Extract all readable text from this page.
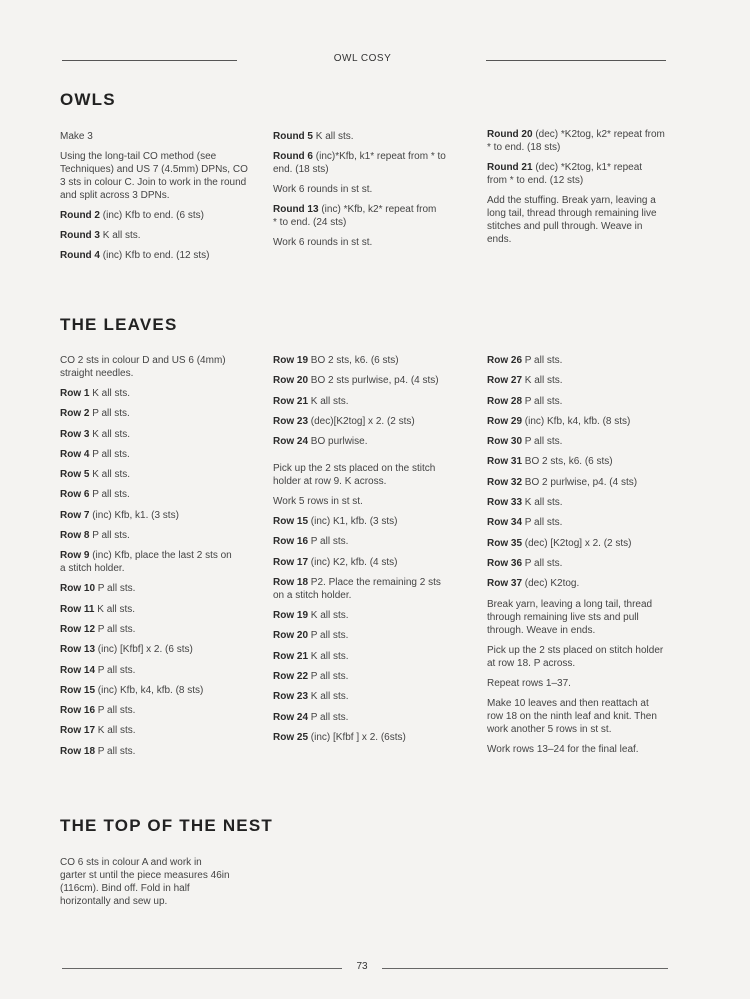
OWL COSY
OWLS

Make 3

Using the long-tail CO method (see Techniques) and US 7 (4.5mm) DPNs, CO 3 sts in colour C. Join to work in the round and split across 3 DPNs.

Round 2 (inc) Kfb to end. (6 sts)

Round 3 K all sts.

Round 4 (inc) Kfb to end. (12 sts)

Round 5 K all sts.

Round 6 (inc)*Kfb, k1* repeat from * to end. (18 sts)

Work 6 rounds in st st.

Round 13 (inc) *Kfb, k2* repeat from * to end. (24 sts)

Work 6 rounds in st st.

Round 20 (dec) *K2tog, k2* repeat from * to end. (18 sts)

Round 21 (dec) *K2tog, k1* repeat from * to end. (12 sts)

Add the stuffing. Break yarn, leaving a long tail, thread through remaining live stitches and pull through. Weave in ends.

THE LEAVES

CO 2 sts in colour D and US 6 (4mm) straight needles.

Row 1 K all sts.

Row 2 P all sts.

Row 3 K all sts.

Row 4 P all sts.

Row 5 K all sts.

Row 6 P all sts.

Row 7 (inc) Kfb, k1. (3 sts)

Row 8 P all sts.

Row 9 (inc) Kfb, place the last 2 sts on a stitch holder.

Row 10 P all sts.

Row 11 K all sts.

Row 12 P all sts.

Row 13 (inc) [Kfbf] x 2. (6 sts)

Row 14 P all sts.

Row 15 (inc) Kfb, k4, kfb. (8 sts)

Row 16 P all sts.

Row 17 K all sts.

Row 18 P all sts.

Row 19 BO 2 sts, k6. (6 sts)

Row 20 BO 2 sts purlwise, p4. (4 sts)

Row 21 K all sts.

Row 23 (dec)[K2tog] x 2. (2 sts)

Row 24 BO purlwise.

Pick up the 2 sts placed on the stitch holder at row 9. K across.

Work 5 rows in st st.

Row 15 (inc) K1, kfb. (3 sts)

Row 16 P all sts.

Row 17 (inc) K2, kfb. (4 sts)

Row 18 P2. Place the remaining 2 sts on a stitch holder.

Row 19 K all sts.

Row 20 P all sts.

Row 21 K all sts.

Row 22 P all sts.

Row 23 K all sts.

Row 24 P all sts.

Row 25 (inc) [Kfbf ] x 2. (6sts)

Row 26 P all sts.

Row 27 K all sts.

Row 28 P all sts.

Row 29 (inc) Kfb, k4, kfb. (8 sts)

Row 30 P all sts.

Row 31 BO 2 sts, k6. (6 sts)

Row 32 BO 2 purlwise, p4. (4 sts)

Row 33 K all sts.

Row 34 P all sts.

Row 35 (dec) [K2tog] x 2. (2 sts)

Row 36 P all sts.

Row 37 (dec) K2tog.

Break yarn, leaving a long tail, thread through remaining live sts and pull through. Weave in ends.

Pick up the 2 sts placed on stitch holder at row 18. P across.

Repeat rows 1–37.

Make 10 leaves and then reattach at row 18 on the ninth leaf and knit. Then work another 5 rows in st st.

Work rows 13–24 for the final leaf.

THE TOP OF THE NEST

CO 6 sts in colour A and work in garter st until the piece measures 46in (116cm). Bind off. Fold in half horizontally and sew up.

73
